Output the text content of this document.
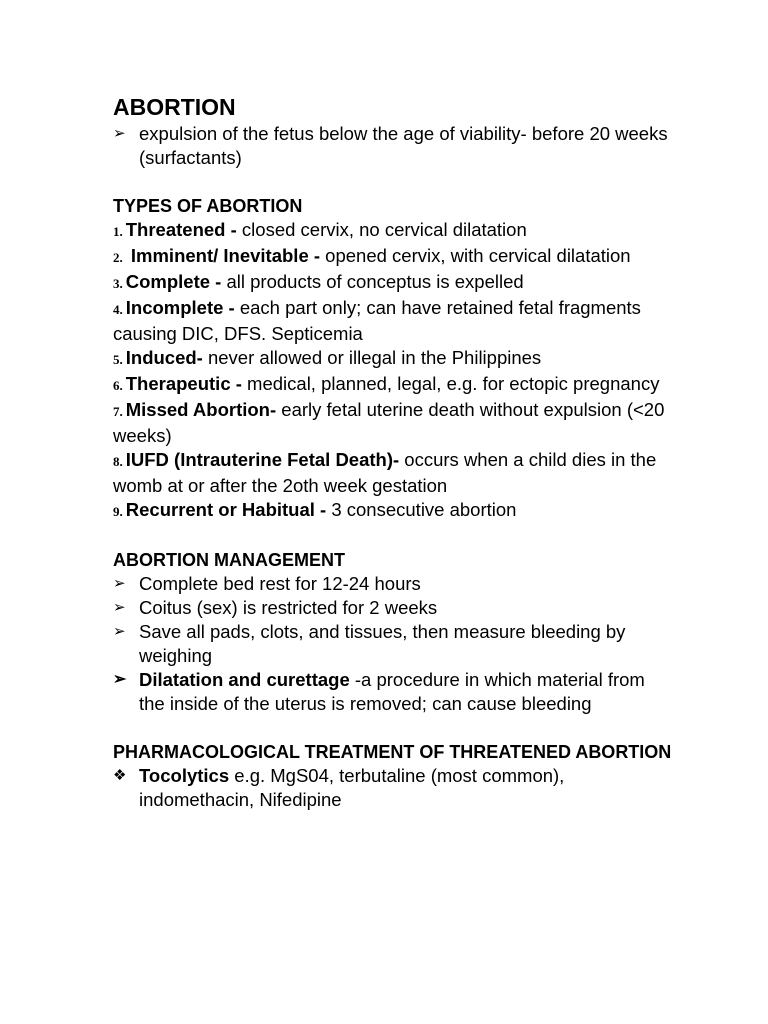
ABORTION
➢ expulsion of the fetus below the age of viability- before 20 weeks (surfactants)
TYPES OF ABORTION
1. Threatened - closed cervix, no cervical dilatation
2. Imminent/ Inevitable - opened cervix, with cervical dilatation
3. Complete - all products of conceptus is expelled
4. Incomplete - each part only; can have retained fetal fragments causing DIC, DFS. Septicemia
5. Induced- never allowed or illegal in the Philippines
6. Therapeutic - medical, planned, legal, e.g. for ectopic pregnancy
7. Missed Abortion- early fetal uterine death without expulsion (<20 weeks)
8. IUFD (Intrauterine Fetal Death)- occurs when a child dies in the womb at or after the 2oth week gestation
9. Recurrent or Habitual - 3 consecutive abortion
ABORTION MANAGEMENT
➢ Complete bed rest for 12-24 hours
➢ Coitus (sex) is restricted for 2 weeks
➢ Save all pads, clots, and tissues, then measure bleeding by weighing
➢ Dilatation and curettage -a procedure in which material from the inside of the uterus is removed; can cause bleeding
PHARMACOLOGICAL TREATMENT OF THREATENED ABORTION
❖ Tocolytics e.g. MgS04, terbutaline (most common), indomethacin, Nifedipine
